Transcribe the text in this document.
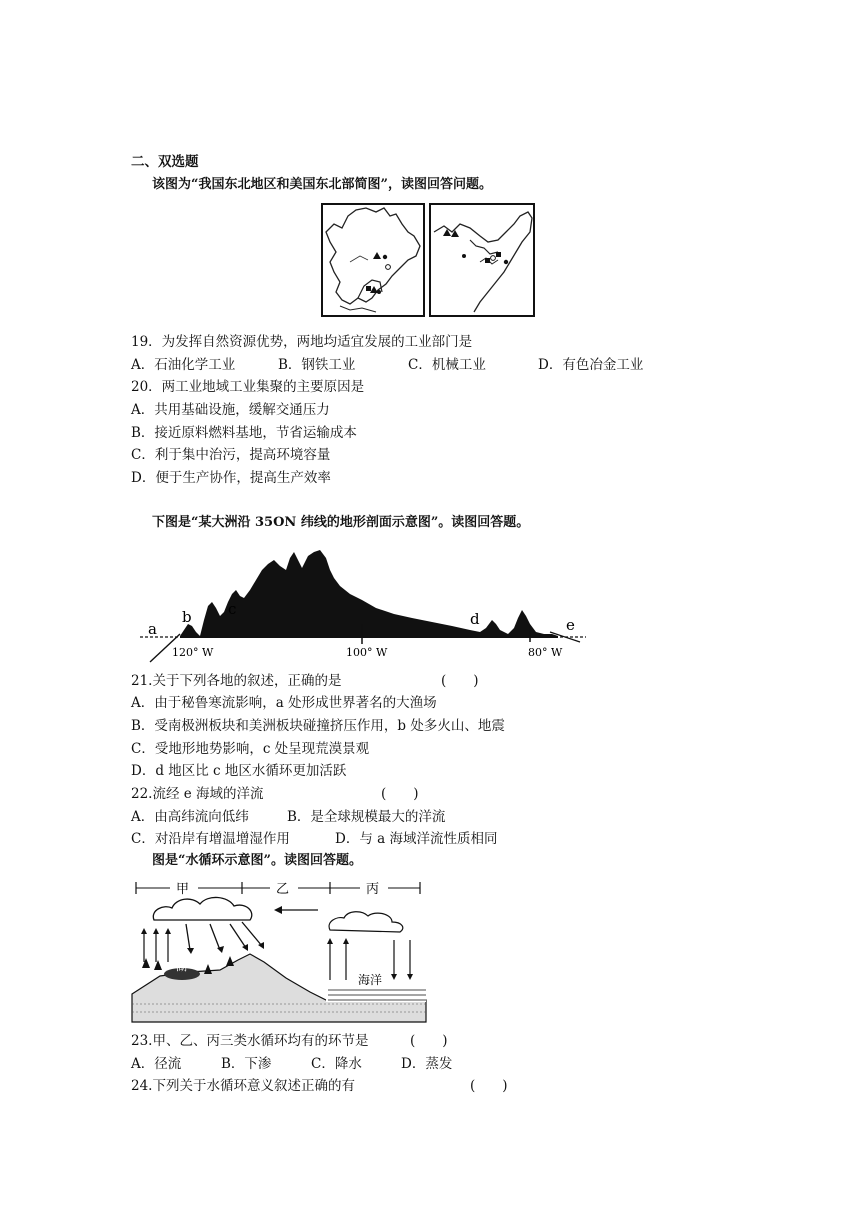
二、双选题
该图为“我国东北地区和美国东北部简图”，读图回答问题。
19．为发挥自然资源优势，两地均适宜发展的工业部门是
A．石油化学工业	B．钢铁工业	C．机械工业	D．有色冶金工业
20．两工业地域工业集聚的主要原因是
A．共用基础设施，缓解交通压力
B．接近原料燃料基地，节省运输成本
C．利于集中治污，提高环境容量
D．便于生产协作，提高生产效率
下图是“某大洲沿 35ON 纬线的地形剖面示意图”。读图回答题。
a
b c
d	e
120° W	100° W	80° W
21.关于下列各地的叙述，正确的是	(　　)
A．由于秘鲁寒流影响，a 处形成世界著名的大渔场
B．受南极洲板块和美洲板块碰撞挤压作用，b 处多火山、地震
C．受地形地势影响，c 处呈现荒漠景观
D．d 地区比 c 地区水循环更加活跃
22.流经 e 海域的洋流	(　　)
A．由高纬流向低纬	B．是全球规模最大的洋流
C．对沿岸有增温增湿作用	D．与 a 海域洋流性质相同
图是“水循环示意图”。读图回答题。
甲	乙	丙
湖
海洋
23.甲、乙、丙三类水循环均有的环节是	(　　)
A．径流	B．下渗	C．降水	D．蒸发
24.下列关于水循环意义叙述正确的有	(　　)
